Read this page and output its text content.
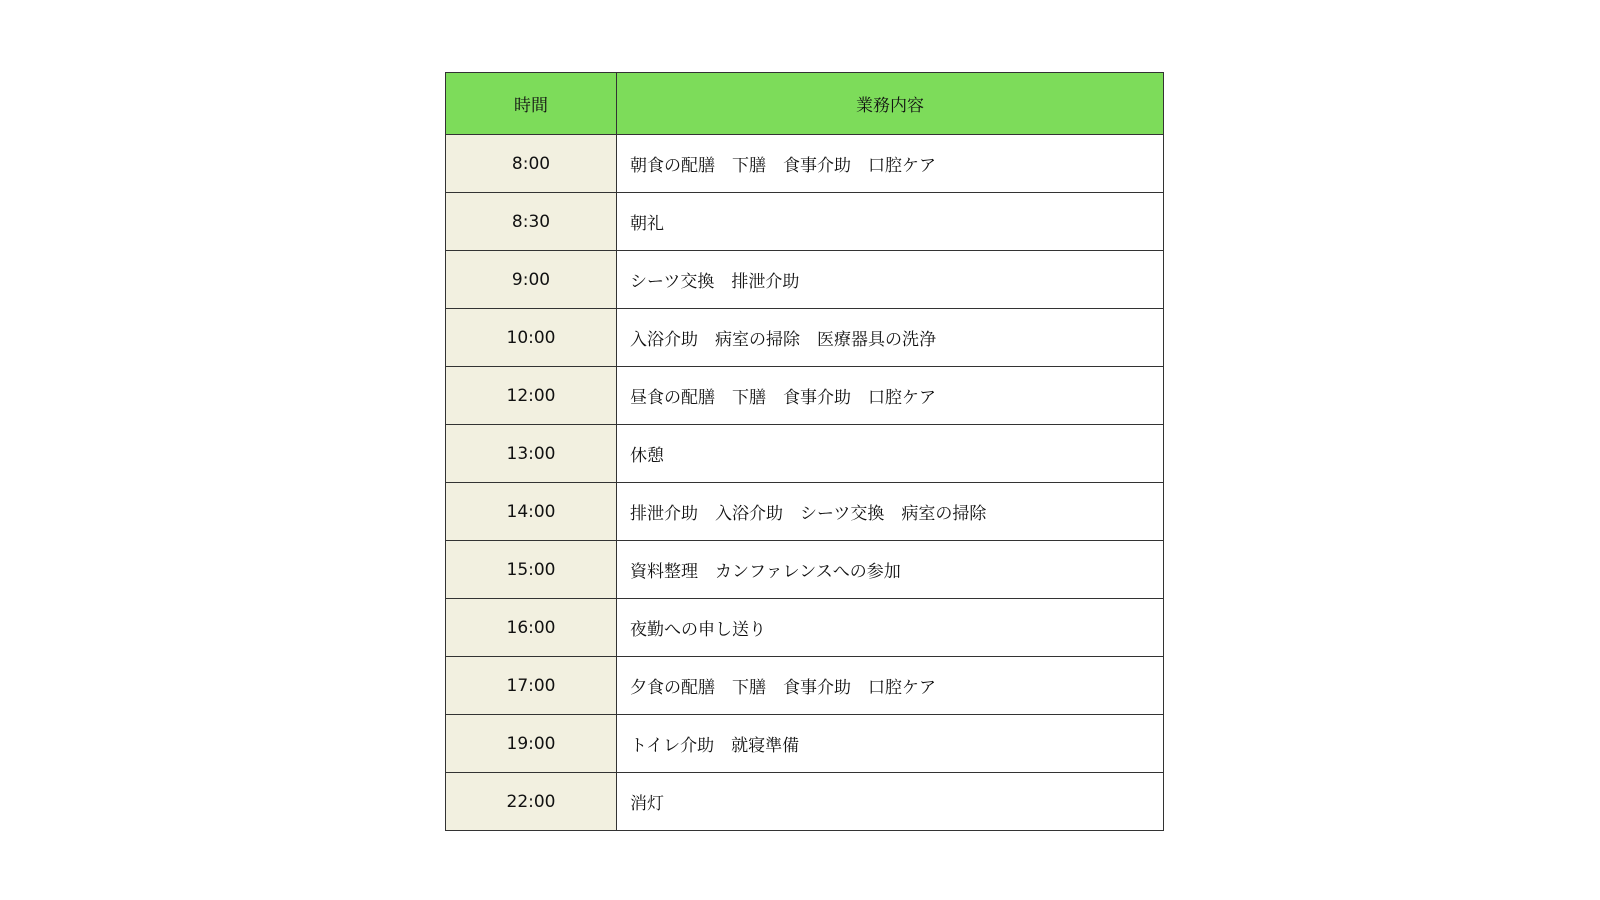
時間	業務内容
8:00	朝食の配膳　下膳　食事介助　口腔ケア
8:30	朝礼
9:00	シーツ交換　排泄介助
10:00	入浴介助　病室の掃除　医療器具の洗浄
12:00	昼食の配膳　下膳　食事介助　口腔ケア
13:00	休憩
14:00	排泄介助　入浴介助　シーツ交換　病室の掃除
15:00	資料整理　カンファレンスへの参加
16:00	夜勤への申し送り
17:00	夕食の配膳　下膳　食事介助　口腔ケア
19:00	トイレ介助　就寝準備
22:00	消灯
